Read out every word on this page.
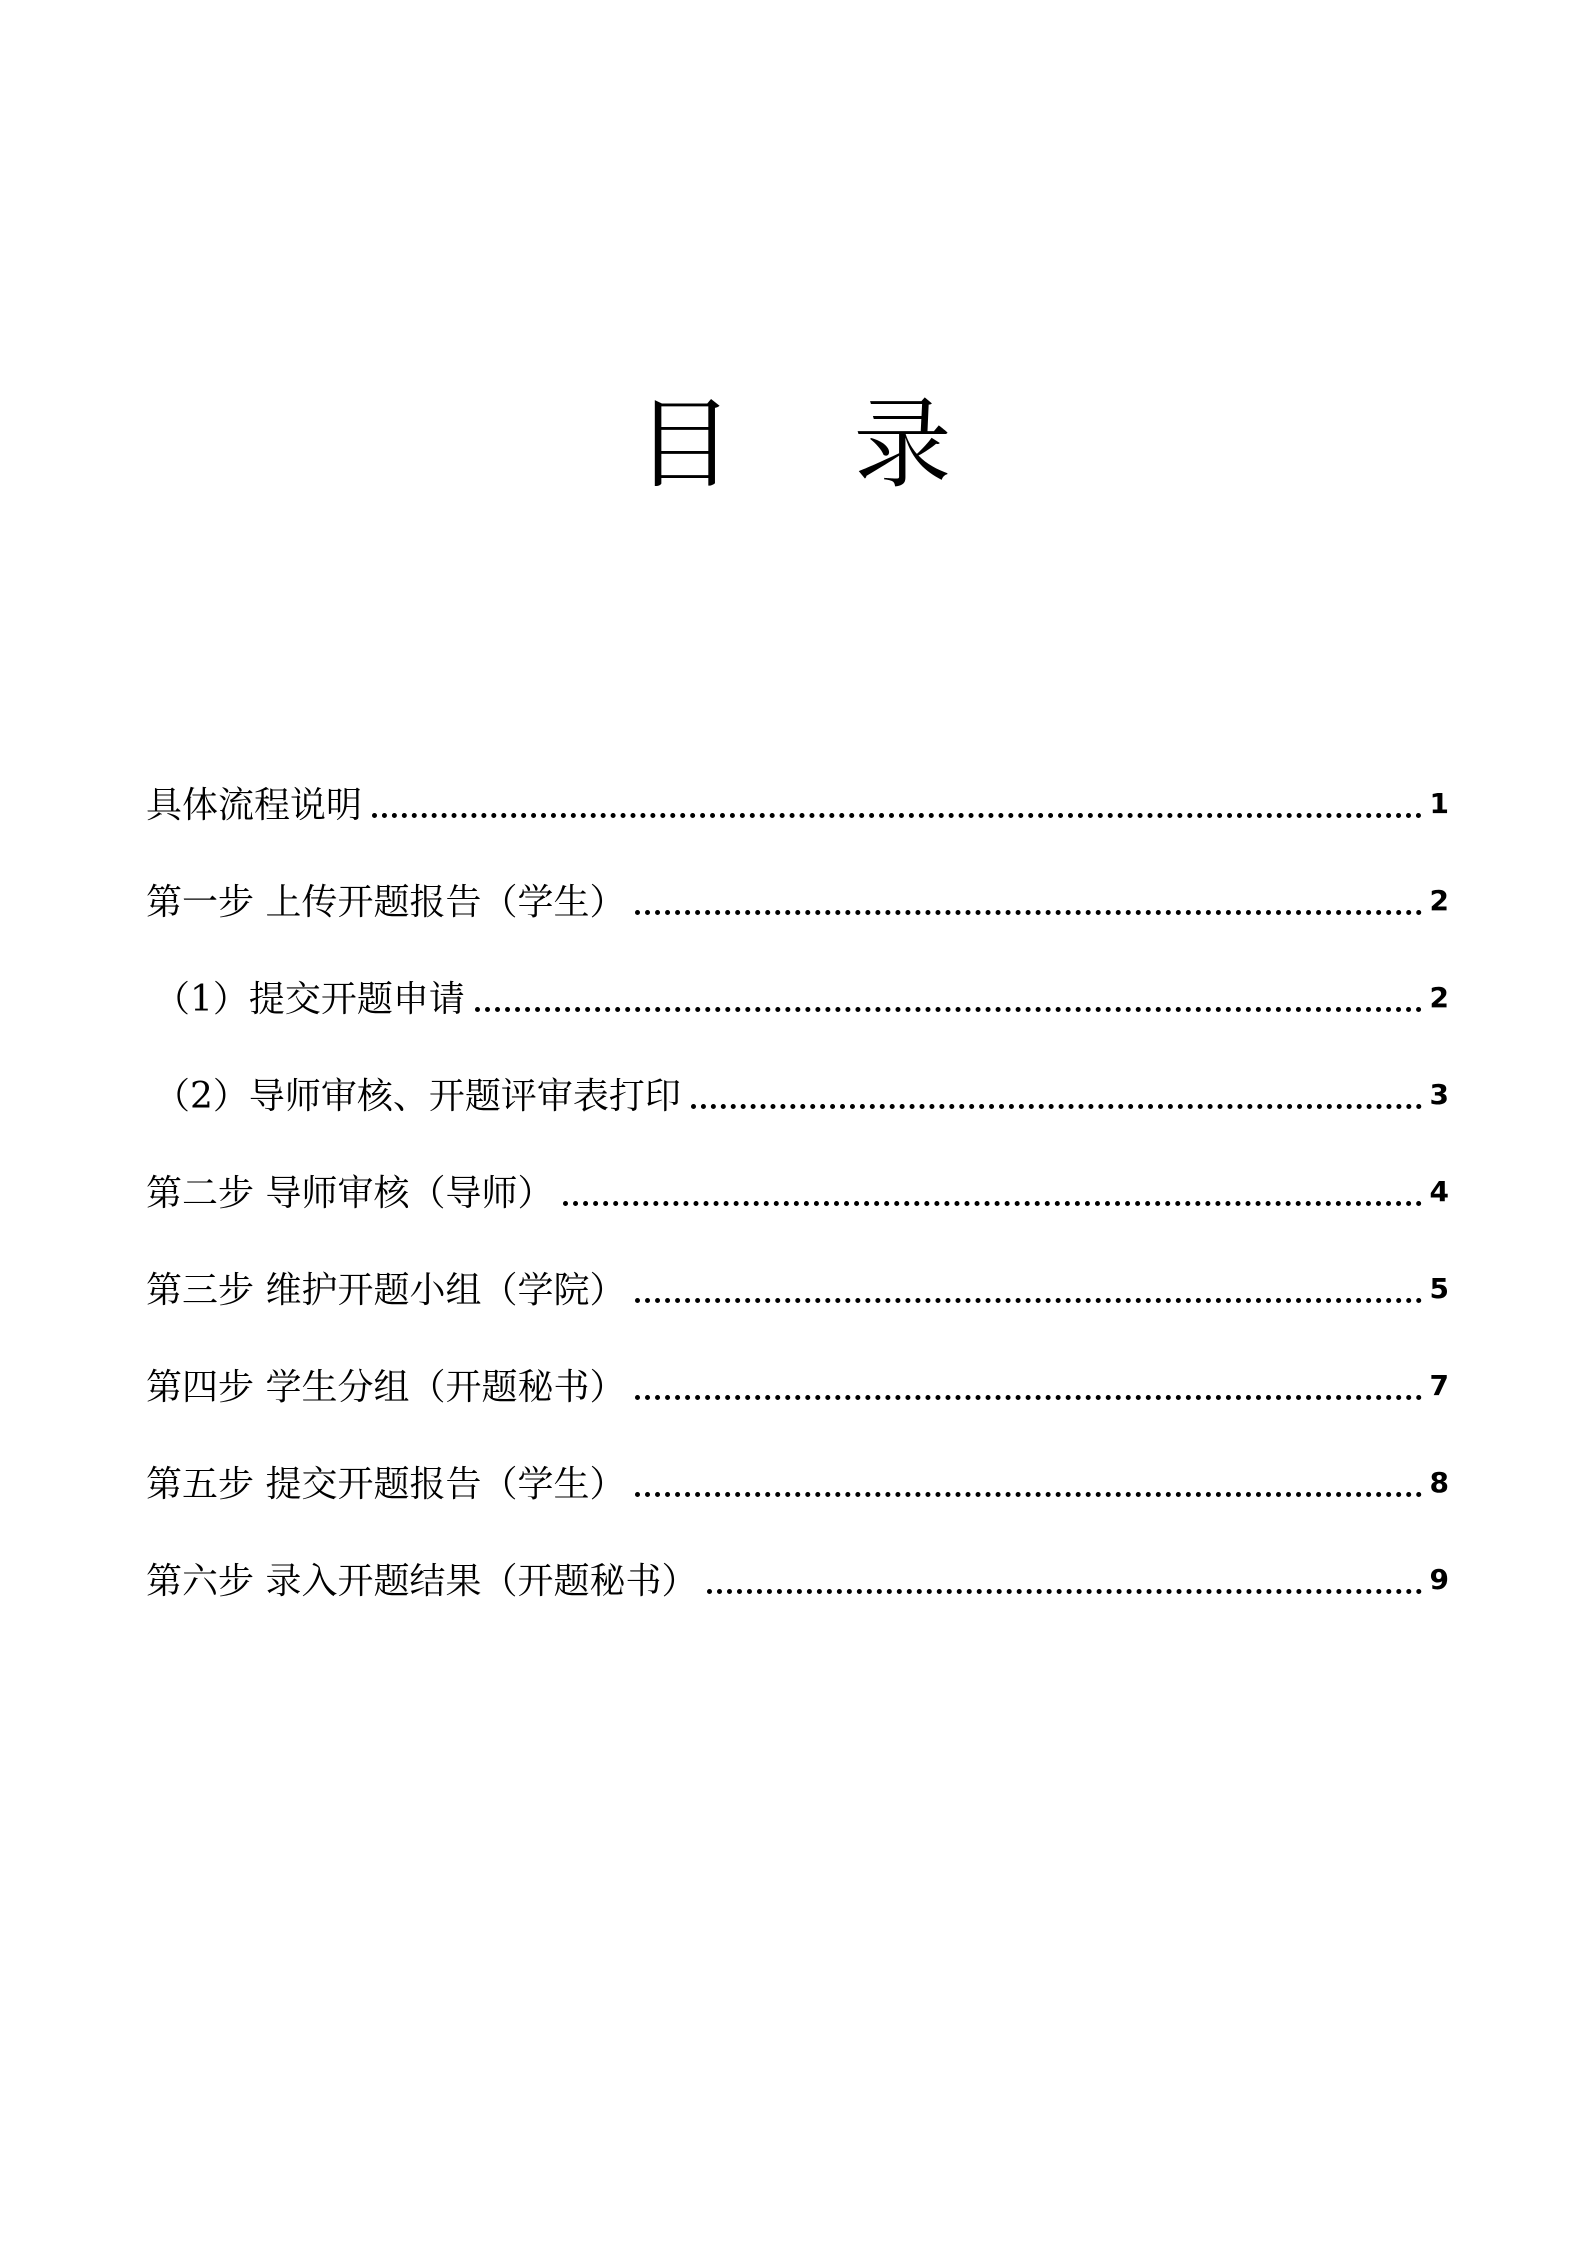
目录
具体流程说明	1
第一步 上传开题报告（学生）	2
（1）提交开题申请	2
（2）导师审核、开题评审表打印	3
第二步 导师审核（导师）	4
第三步 维护开题小组（学院）	5
第四步 学生分组（开题秘书）	7
第五步 提交开题报告（学生）	8
第六步 录入开题结果（开题秘书）	9
